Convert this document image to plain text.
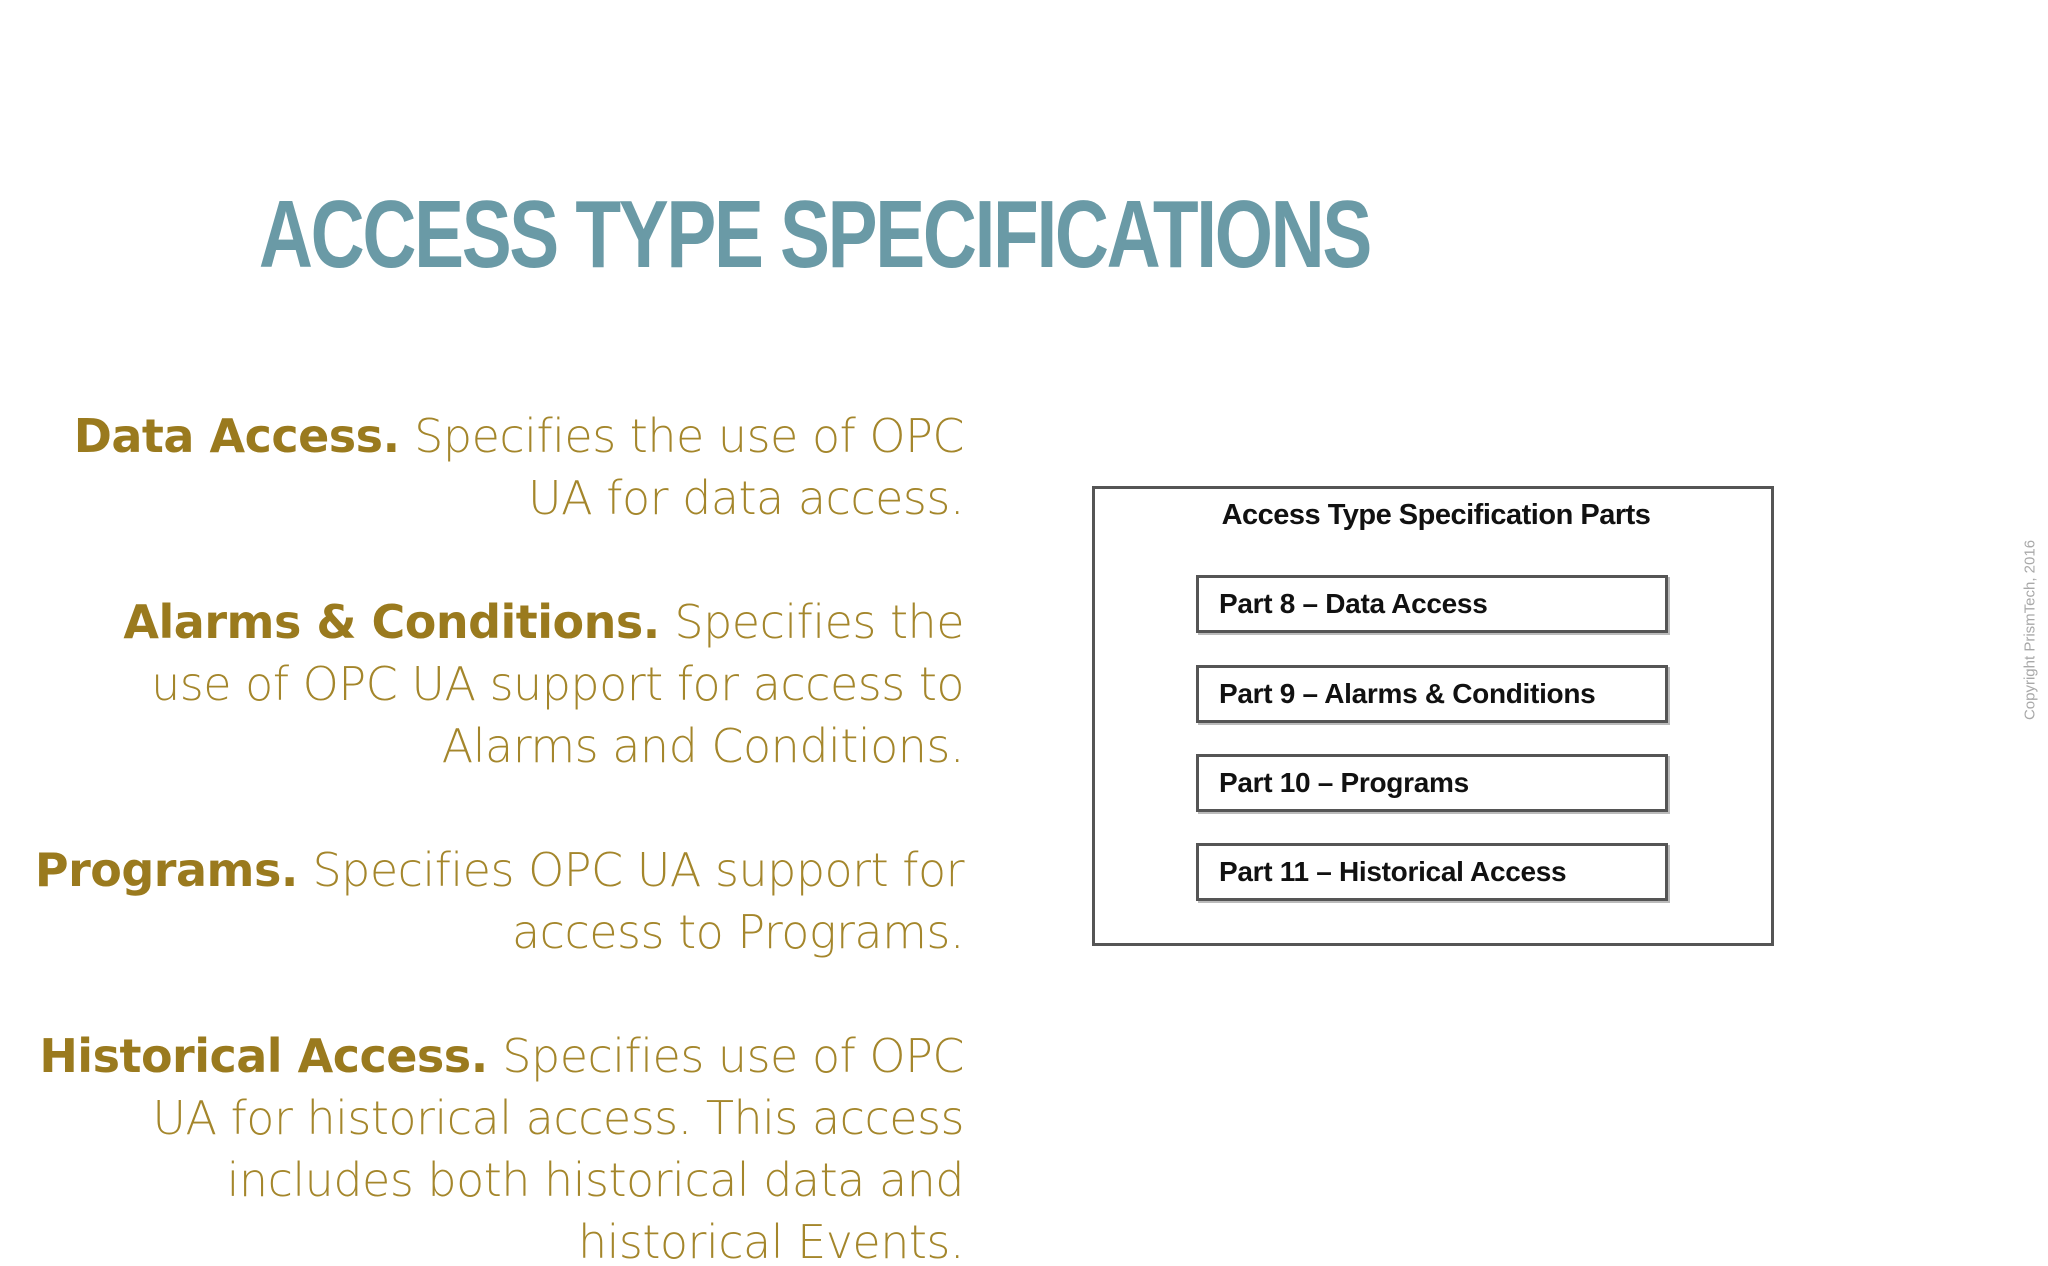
ACCESS TYPE SPECIFICATIONS

Data Access. Specifies the use of OPC UA for data access.

Alarms & Conditions. Specifies the use of OPC UA support for access to Alarms and Conditions.

Programs. Specifies OPC UA support for access to Programs.

Historical Access. Specifies use of OPC UA for historical access. This access includes both historical data and historical Events.

Access Type Specification Parts
Part 8 – Data Access
Part 9 – Alarms & Conditions
Part 10 – Programs
Part 11 – Historical Access
Copyright PrismTech, 2016
